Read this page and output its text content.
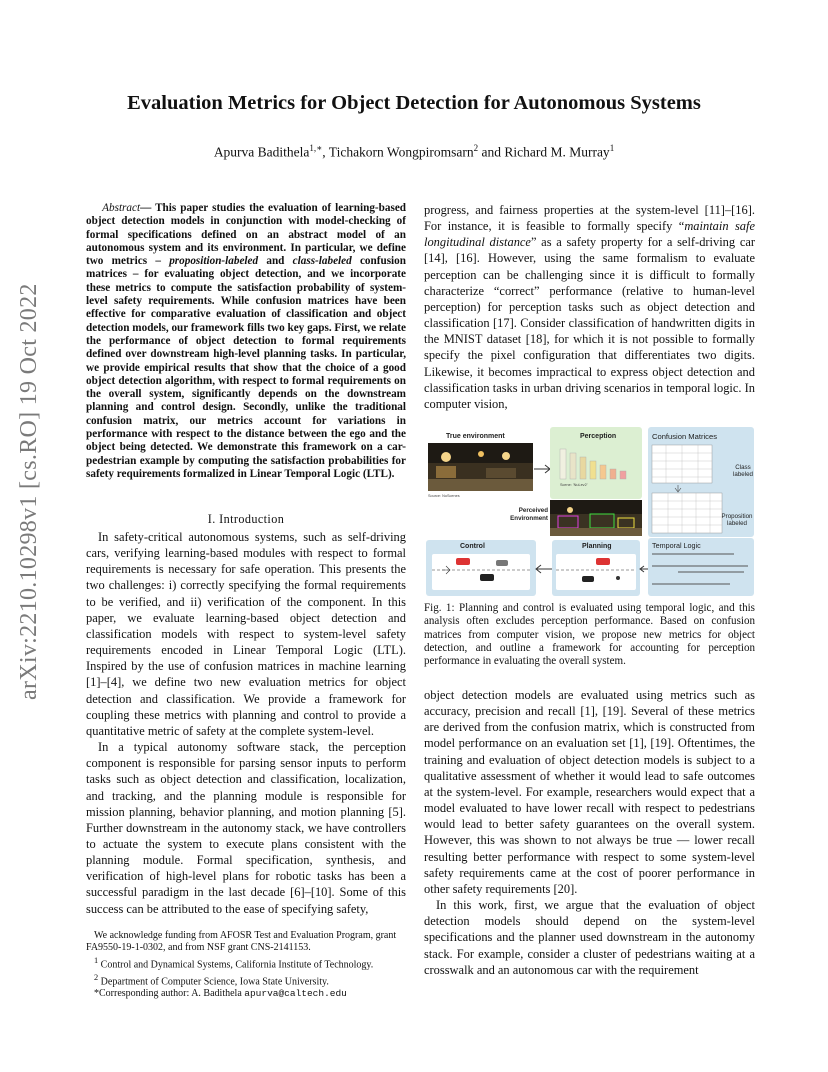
arXiv:2210.10298v1 [cs.RO] 19 Oct 2022
Evaluation Metrics for Object Detection for Autonomous Systems
Apurva Badithela$^{1,∗}$, Tichakorn Wongpiromsarn$^2$ and Richard M. Murray$^1$
Abstract— This paper studies the evaluation of learning-based object detection models in conjunction with model-checking of formal specifications defined on an abstract model of an autonomous system and its environment. In particular, we define two metrics – proposition-labeled and class-labeled confusion matrices – for evaluating object detection, and we incorporate these metrics to compute the satisfaction probability of system-level safety requirements. While confusion matrices have been effective for comparative evaluation of classification and object detection models, our framework fills two key gaps. First, we relate the performance of object detection to formal requirements defined over downstream high-level planning tasks. In particular, we provide empirical results that show that the choice of a good object detection algorithm, with respect to formal requirements on the overall system, significantly depends on the downstream planning and control design. Secondly, unlike the traditional confusion matrix, our metrics account for variations in performance with respect to the distance between the ego and the object being detected. We demonstrate this framework on a car-pedestrian example by computing the satisfaction probabilities for safety requirements formalized in Linear Temporal Logic (LTL).
I. Introduction

In safety-critical autonomous systems, such as self-driving cars, verifying learning-based modules with respect to formal requirements is necessary for safe operation. This presents the two challenges: i) correctly specifying the formal requirements to be verified, and ii) verification of the component. In this paper, we evaluate learning-based object detection and classification models with respect to system-level safety requirements encoded in Linear Temporal Logic (LTL). Inspired by the use of confusion matrices in machine learning [1]–[4], we define two new evaluation metrics for object detection and classification. We provide a framework for coupling these metrics with planning and control to provide a quantitative metric of safety at the complete system-level.

In a typical autonomy software stack, the perception component is responsible for parsing sensor inputs to perform tasks such as object detection and classification, localization, and tracking, and the planning module is responsible for mission planning, behavior planning, and motion planning [5]. Further downstream in the autonomy stack, we have controllers to actuate the system to execute plans consistent with the planning module. Formal specification, synthesis, and verification of high-level plans for robotic tasks has been a successful paradigm in the last decade [6]–[10]. Some of this success can be attributed to the ease of specifying safety,

We acknowledge funding from AFOSR Test and Evaluation Program, grant FA9550-19-1-0302, and from NSF grant CNS-2141153.
$^1$ Control and Dynamical Systems, California Institute of Technology.
$^2$ Department of Computer Science, Iowa State University.
*Corresponding author: A. Badithela apurva@caltech.edu

progress, and fairness properties at the system-level [11]–[16]. For instance, it is feasible to formally specify “maintain safe longitudinal distance” as a safety property for a self-driving car [14], [16]. However, using the same formalism to evaluate perception can be challenging since it is difficult to formally characterize “correct” performance (relative to human-level perception) for perception tasks such as object detection and classification [17]. Consider classification of handwritten digits in the MNIST dataset [18], for which it is not possible to formally specify the pixel configuration that differentiates two digits. Likewise, it becomes impractical to express object detection and classification tasks in urban driving scenarios in temporal logic. In computer vision,

True environment
Source: NuScenes
Perception
Scene: 'NuLev2'
Confusion Matrices
Class labeled
Proposition labeled
Perceived Environment
Control	Planning	Temporal Logic
Fig. 1: Planning and control is evaluated using temporal logic, and this analysis often excludes perception performance. Based on confusion matrices from computer vision, we propose new metrics for object detection, and outline a framework for accounting for perception performance in evaluating the overall system.

object detection models are evaluated using metrics such as accuracy, precision and recall [1], [19]. Several of these metrics are derived from the confusion matrix, which is constructed from model performance on an evaluation set [1], [19]. Oftentimes, the training and evaluation of object detection models is subject to a qualitative assessment of whether it would lead to safe outcomes at the system-level. For example, researchers would expect that a model evaluated to have lower recall with respect to pedestrians would lead to better safety guarantees on the overall system. However, this was shown to not always be true — lower recall resulting better performance with respect to some system-level safety requirements came at the cost of poorer performance in other safety requirements [20].

In this work, first, we argue that the evaluation of object detection models should depend on the system-level specifications and the planner used downstream in the autonomy stack. For example, consider a cluster of pedestrians waiting at a crosswalk and an autonomous car with the requirement
